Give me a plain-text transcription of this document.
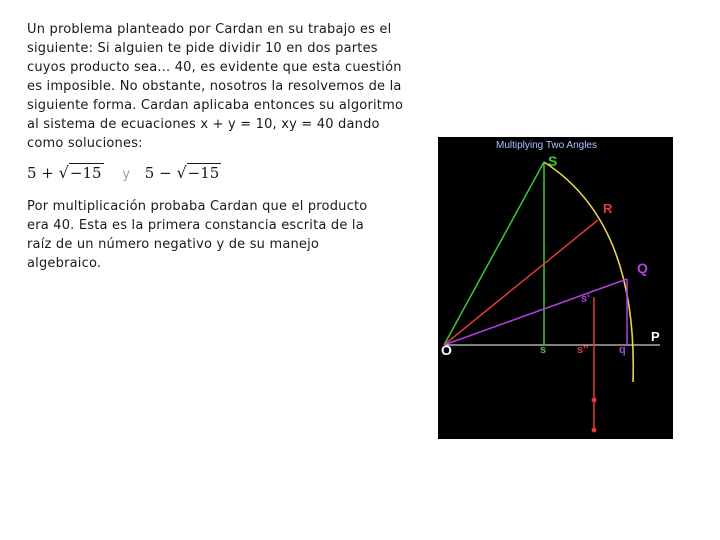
Un problema planteado por Cardan en su trabajo es el siguiente: Si alguien te pide dividir 10 en dos partes cuyos producto sea... 40, es evidente que esta cuestión es imposible. No obstante, nosotros la resolvemos de la siguiente forma. Cardan aplicaba entonces su algoritmo al sistema de ecuaciones x + y = 10, xy = 40 dando como soluciones:

5 + √−15 y 5 − √−15

Por multiplicación probaba Cardan que el producto era 40. Esta es la primera constancia escrita de la raíz de un número negativo y de su manejo algebraico.

Multiplying Two Angles
S
R
Q
s'
P
O	s	s''	q
